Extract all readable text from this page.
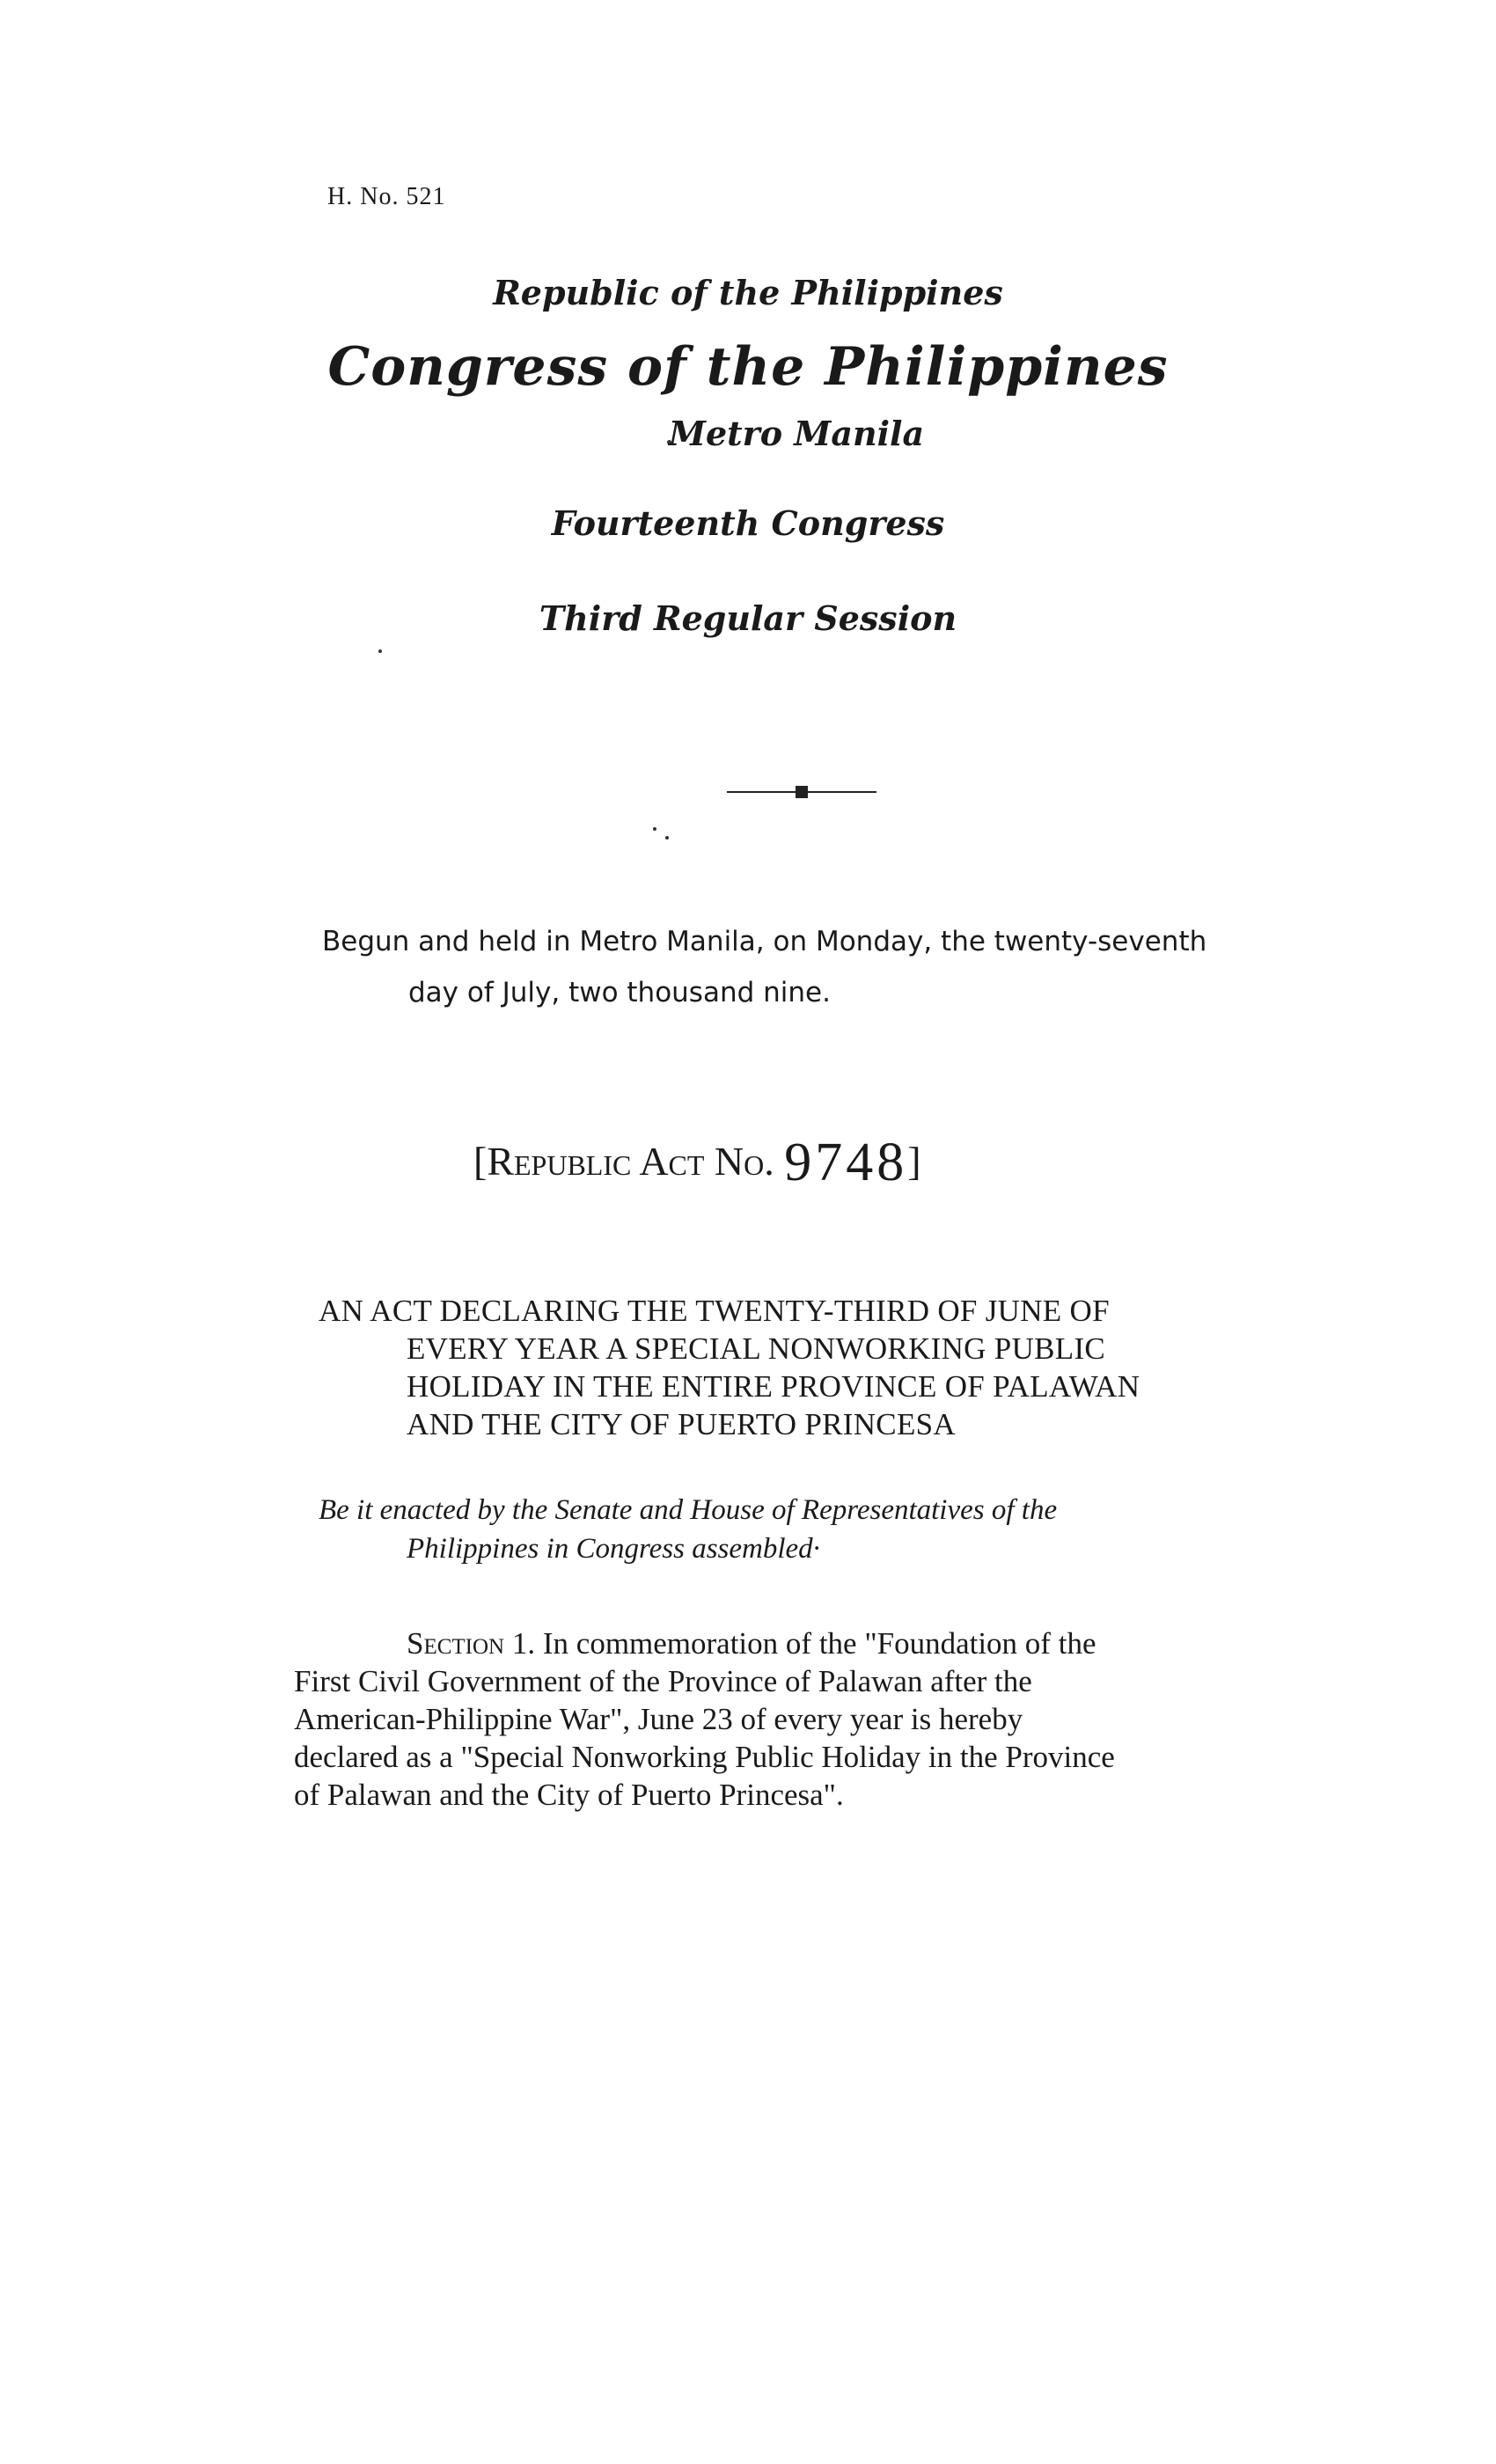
H. No. 521
Republic of the Philippines
Congress of the Philippines
Metro Manila
Fourteenth Congress
Third Regular Session
Begun and held in Metro Manila, on Monday, the twenty-seventh
day of July, two thousand nine.
[Republic Act No. 9748]
AN ACT DECLARING THE TWENTY-THIRD OF JUNE OF
EVERY YEAR A SPECIAL NONWORKING PUBLIC
HOLIDAY IN THE ENTIRE PROVINCE OF PALAWAN
AND THE CITY OF PUERTO PRINCESA
Be it enacted by the Senate and House of Representatives of the
Philippines in Congress assembled·
Section 1. In commemoration of the "Foundation of the
First Civil Government of the Province of Palawan after the
American-Philippine War", June 23 of every year is hereby
declared as a "Special Nonworking Public Holiday in the Province
of Palawan and the City of Puerto Princesa".
